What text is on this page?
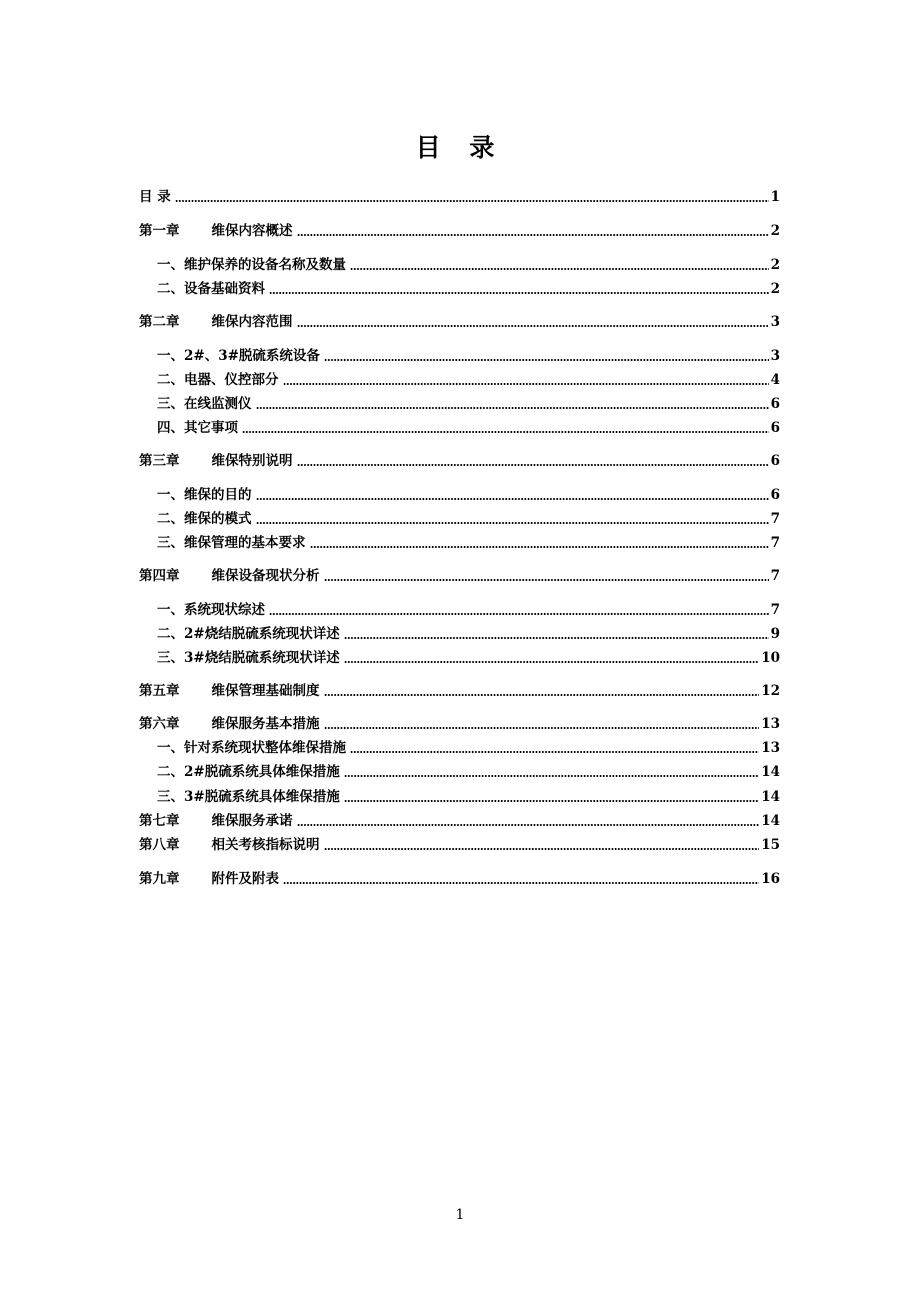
目 录
目 录	1
第一章 维保内容概述	2
一、维护保养的设备名称及数量	2
二、设备基础资料	2
第二章 维保内容范围	3
一、2#、3#脱硫系统设备	3
二、电器、仪控部分	4
三、在线监测仪	6
四、其它事项	6
第三章 维保特别说明	6
一、维保的目的	6
二、维保的模式	7
三、维保管理的基本要求	7
第四章 维保设备现状分析	7
一、系统现状综述	7
二、2#烧结脱硫系统现状详述	9
三、3#烧结脱硫系统现状详述	10
第五章 维保管理基础制度	12
第六章 维保服务基本措施	13
一、针对系统现状整体维保措施	13
二、2#脱硫系统具体维保措施	14
三、3#脱硫系统具体维保措施	14
第七章 维保服务承诺	14
第八章 相关考核指标说明	15
第九章 附件及附表	16
1
